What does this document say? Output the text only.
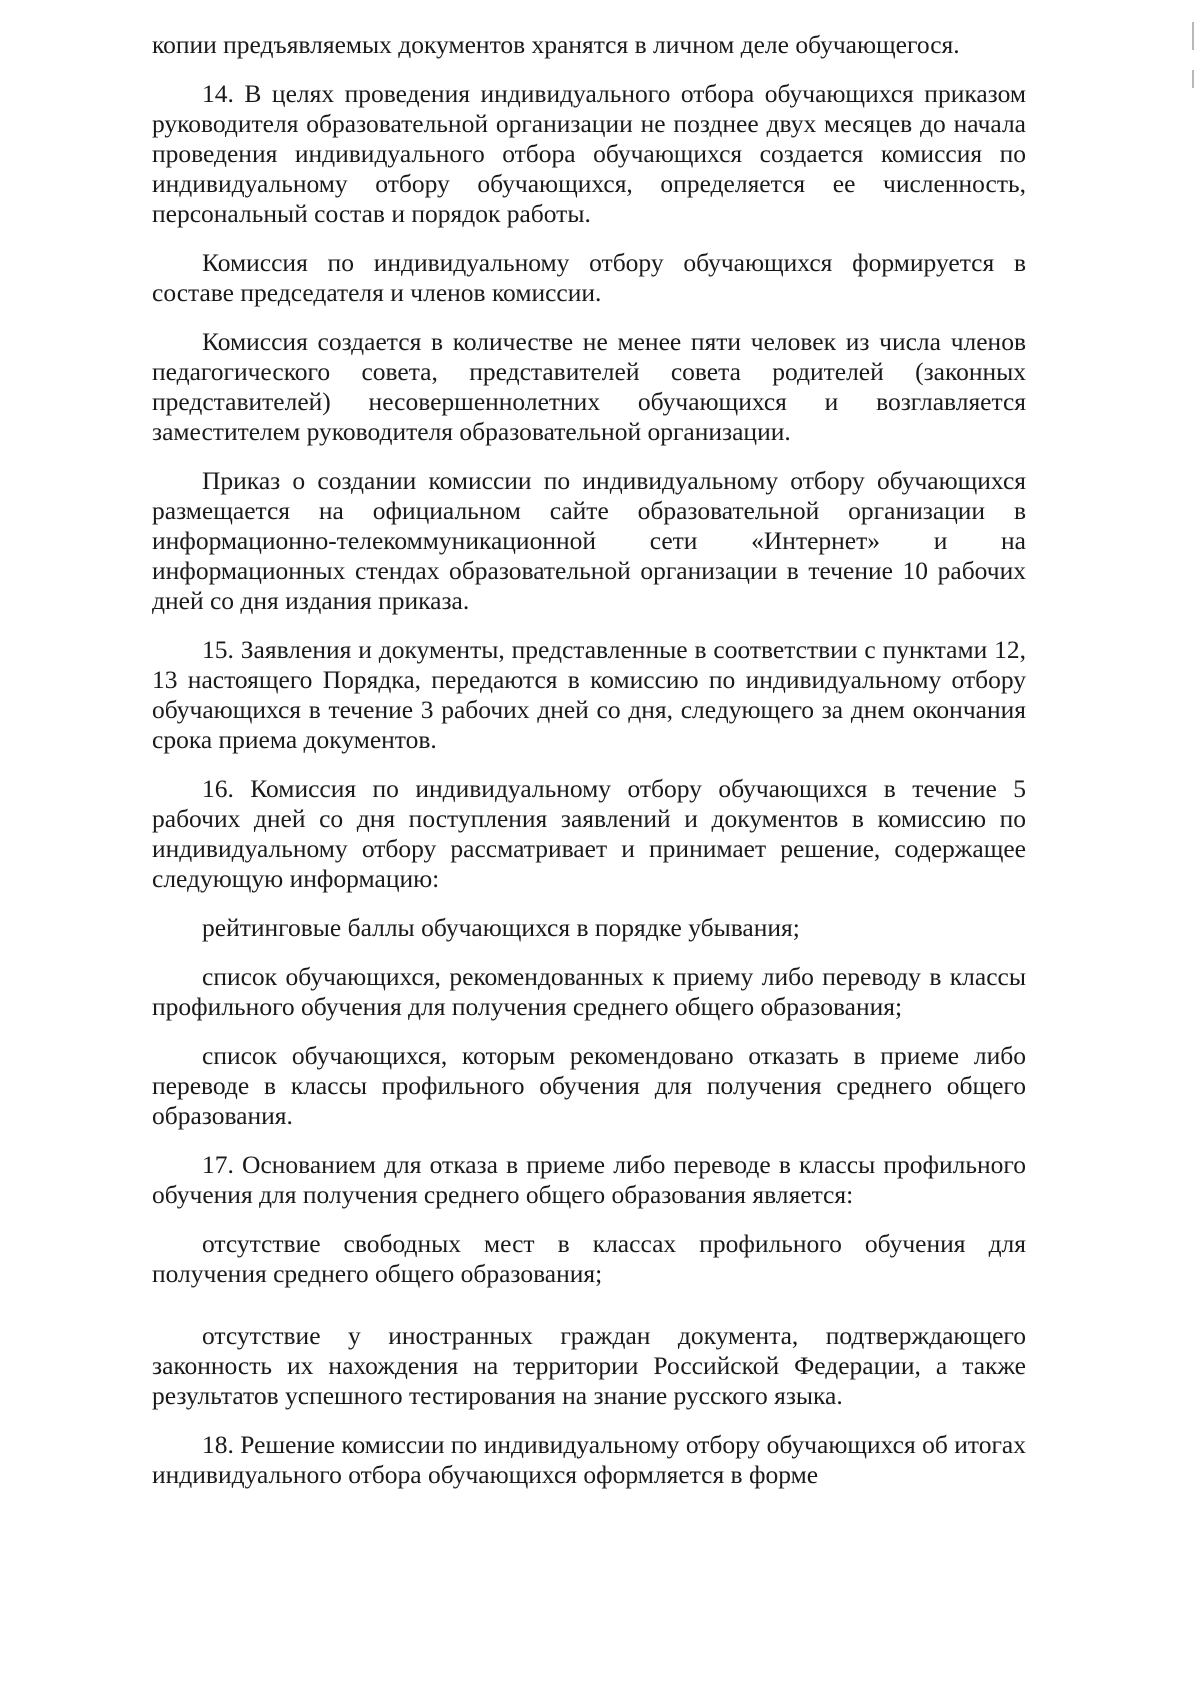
копии предъявляемых документов хранятся в личном деле обучающегося.

14. В целях проведения индивидуального отбора обучающихся приказом руководителя образовательной организации не позднее двух месяцев до начала проведения индивидуального отбора обучающихся создается комиссия по индивидуальному отбору обучающихся, определяется ее численность, персональный состав и порядок работы.

Комиссия по индивидуальному отбору обучающихся формируется в составе председателя и членов комиссии.

Комиссия создается в количестве не менее пяти человек из числа членов педагогического совета, представителей совета родителей (законных представителей) несовершеннолетних обучающихся и возглавляется заместителем руководителя образовательной организации.

Приказ о создании комиссии по индивидуальному отбору обучающихся размещается на официальном сайте образовательной организации в информационно-телекоммуникационной сети «Интернет» и на информационных стендах образовательной организации в течение 10 рабочих дней со дня издания приказа.

15. Заявления и документы, представленные в соответствии с пунктами 12, 13 настоящего Порядка, передаются в комиссию по индивидуальному отбору обучающихся в течение 3 рабочих дней со дня, следующего за днем окончания срока приема документов.

16. Комиссия по индивидуальному отбору обучающихся в течение 5 рабочих дней со дня поступления заявлений и документов в комиссию по индивидуальному отбору рассматривает и принимает решение, содержащее следующую информацию:

рейтинговые баллы обучающихся в порядке убывания;

список обучающихся, рекомендованных к приему либо переводу в классы профильного обучения для получения среднего общего образования;

список обучающихся, которым рекомендовано отказать в приеме либо переводе в классы профильного обучения для получения среднего общего образования.

17. Основанием для отказа в приеме либо переводе в классы профильного обучения для получения среднего общего образования является:

отсутствие свободных мест в классах профильного обучения для получения среднего общего образования;

отсутствие у иностранных граждан документа, подтверждающего законность их нахождения на территории Российской Федерации, а также результатов успешного тестирования на знание русского языка.

18. Решение комиссии по индивидуальному отбору обучающихся об итогах индивидуального отбора обучающихся оформляется в форме
